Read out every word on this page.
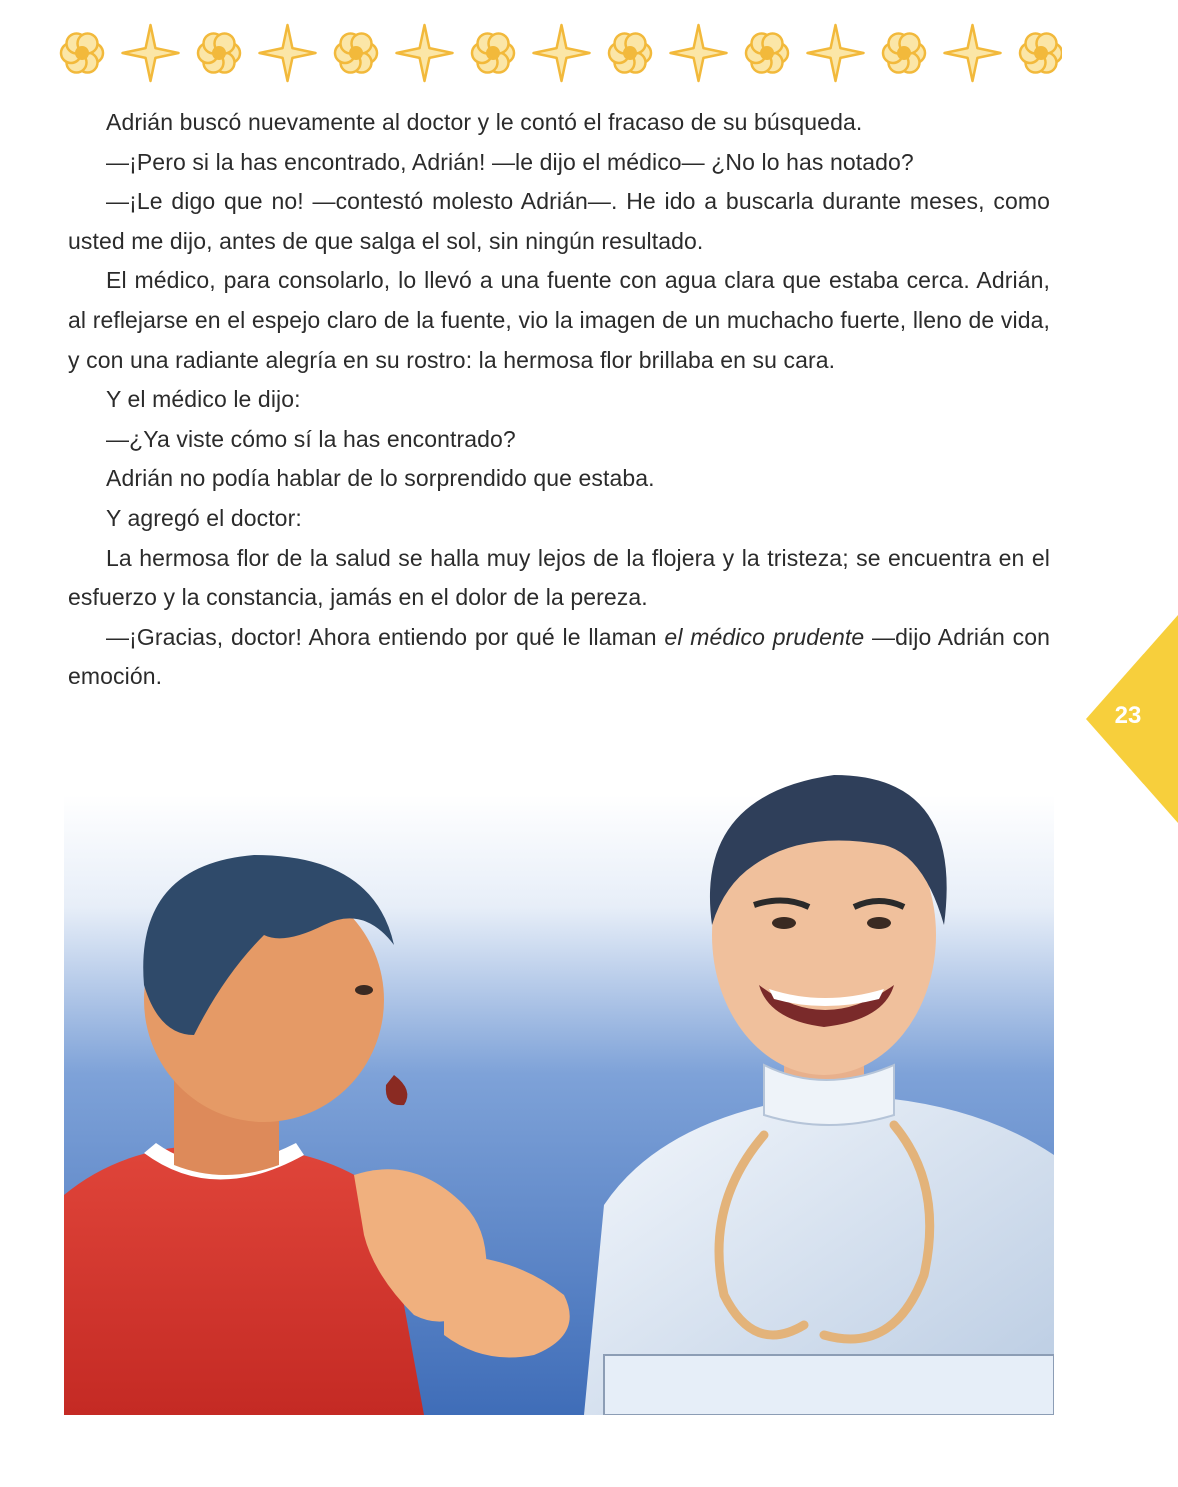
Adrián buscó nuevamente al doctor y le contó el fracaso de su búsqueda.

—¡Pero si la has encontrado, Adrián! —le dijo el médico— ¿No lo has notado?

—¡Le digo que no! —contestó molesto Adrián—. He ido a buscarla durante meses, como usted me dijo, antes de que salga el sol, sin ningún resultado.

El médico, para consolarlo, lo llevó a una fuente con agua clara que estaba cerca. Adrián, al reflejarse en el espejo claro de la fuente, vio la imagen de un muchacho fuerte, lleno de vida, y con una radiante alegría en su rostro: la hermosa flor brillaba en su cara.

Y el médico le dijo:

—¿Ya viste cómo sí la has encontrado?

Adrián no podía hablar de lo sorprendido que estaba.

Y agregó el doctor:

La hermosa flor de la salud se halla muy lejos de la flojera y la tristeza; se encuentra en el esfuerzo y la constancia, jamás en el dolor de la pereza.

—¡Gracias, doctor! Ahora entiendo por qué le llaman el médico prudente —dijo Adrián con emoción.

23
